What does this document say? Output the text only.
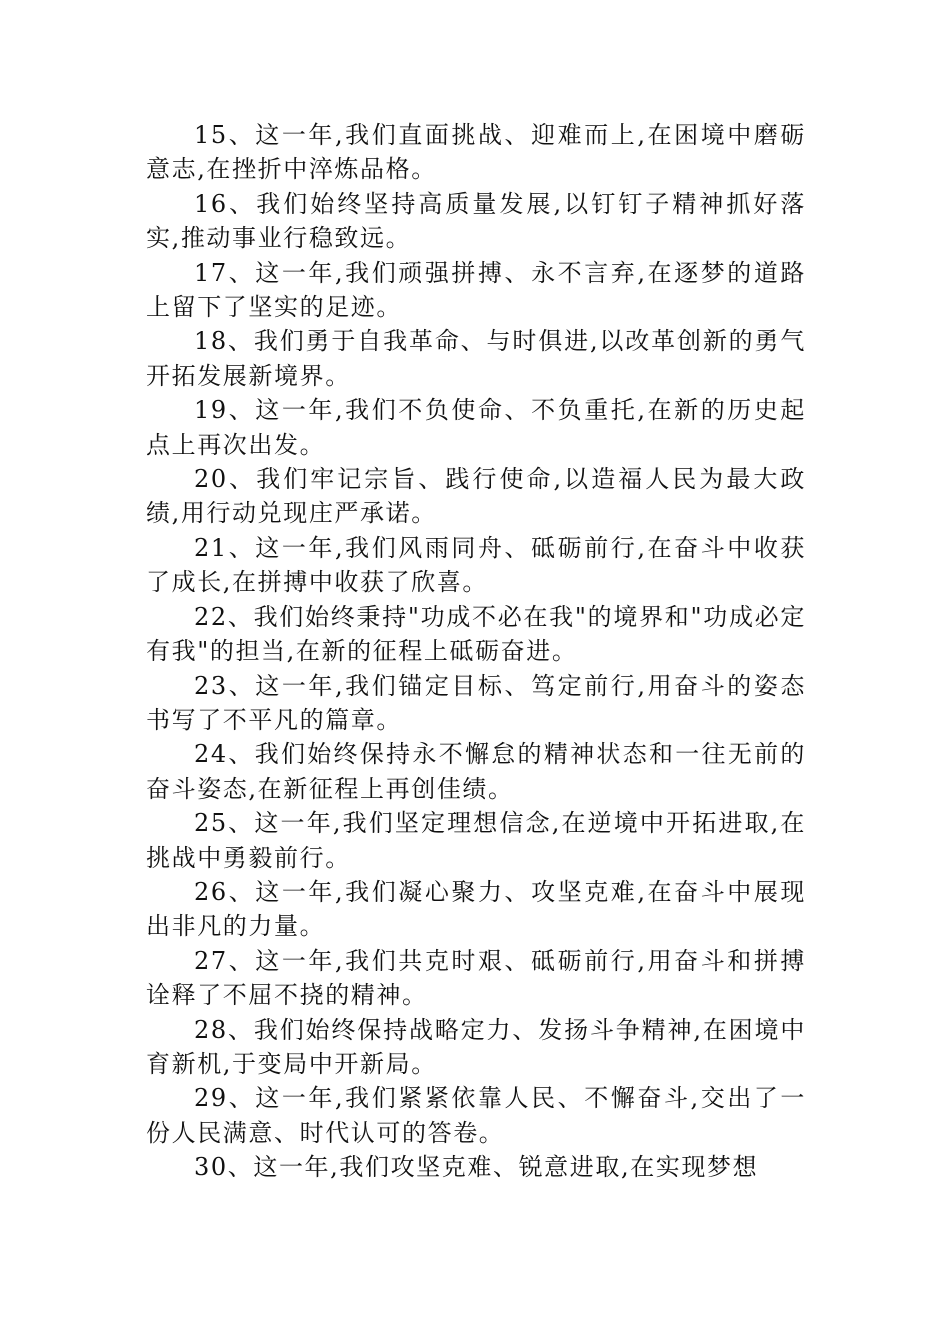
15、这一年,我们直面挑战、迎难而上,在困境中磨砺意志,在挫折中淬炼品格。

16、我们始终坚持高质量发展,以钉钉子精神抓好落实,推动事业行稳致远。

17、这一年,我们顽强拼搏、永不言弃,在逐梦的道路上留下了坚实的足迹。

18、我们勇于自我革命、与时俱进,以改革创新的勇气开拓发展新境界。

19、这一年,我们不负使命、不负重托,在新的历史起点上再次出发。

20、我们牢记宗旨、践行使命,以造福人民为最大政绩,用行动兑现庄严承诺。

21、这一年,我们风雨同舟、砥砺前行,在奋斗中收获了成长,在拼搏中收获了欣喜。

22、我们始终秉持"功成不必在我"的境界和"功成必定有我"的担当,在新的征程上砥砺奋进。

23、这一年,我们锚定目标、笃定前行,用奋斗的姿态书写了不平凡的篇章。

24、我们始终保持永不懈怠的精神状态和一往无前的奋斗姿态,在新征程上再创佳绩。

25、这一年,我们坚定理想信念,在逆境中开拓进取,在挑战中勇毅前行。

26、这一年,我们凝心聚力、攻坚克难,在奋斗中展现出非凡的力量。

27、这一年,我们共克时艰、砥砺前行,用奋斗和拼搏诠释了不屈不挠的精神。

28、我们始终保持战略定力、发扬斗争精神,在困境中育新机,于变局中开新局。

29、这一年,我们紧紧依靠人民、不懈奋斗,交出了一份人民满意、时代认可的答卷。

30、这一年,我们攻坚克难、锐意进取,在实现梦想
